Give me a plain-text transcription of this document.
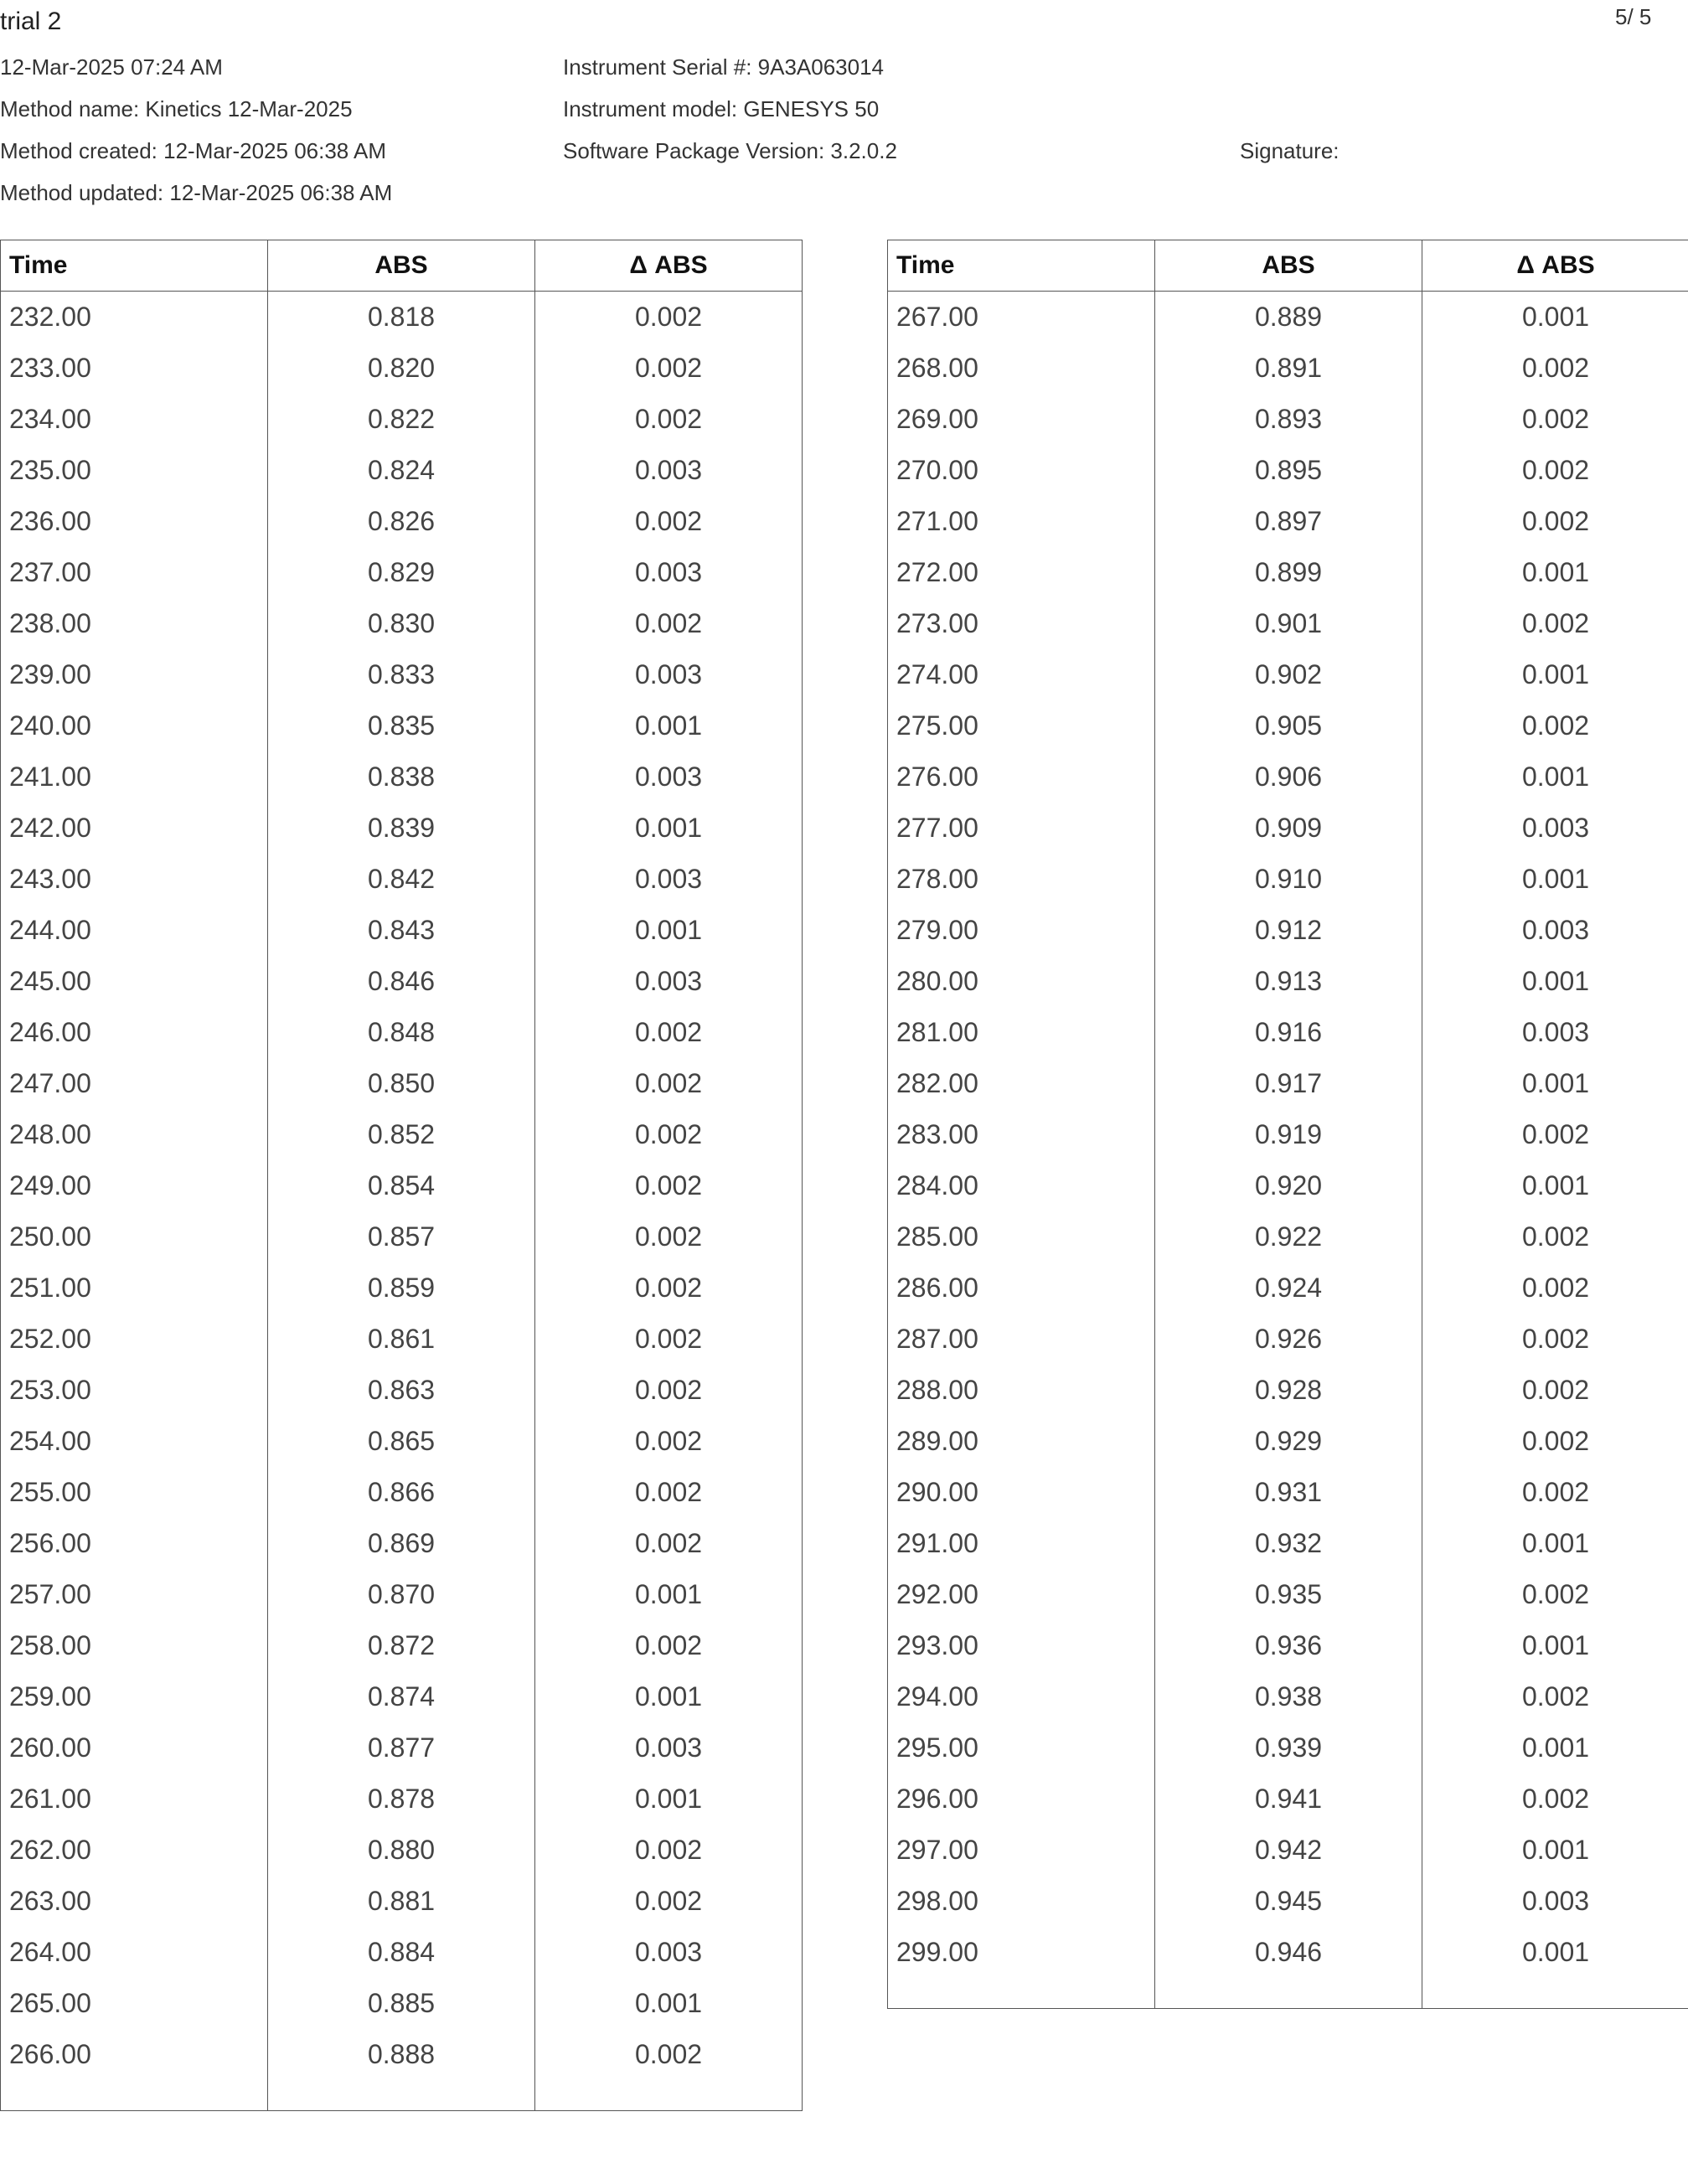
trial 2	5/ 5
12-Mar-2025 07:24 AM
Method name: Kinetics 12-Mar-2025
Method created: 12-Mar-2025 06:38 AM
Method updated: 12-Mar-2025 06:38 AM
Instrument Serial #: 9A3A063014
Instrument model: GENESYS 50
Software Package Version: 3.2.0.2	Signature:
Time	ABS	Δ ABS
232.00	0.818	0.002
233.00	0.820	0.002
234.00	0.822	0.002
235.00	0.824	0.003
236.00	0.826	0.002
237.00	0.829	0.003
238.00	0.830	0.002
239.00	0.833	0.003
240.00	0.835	0.001
241.00	0.838	0.003
242.00	0.839	0.001
243.00	0.842	0.003
244.00	0.843	0.001
245.00	0.846	0.003
246.00	0.848	0.002
247.00	0.850	0.002
248.00	0.852	0.002
249.00	0.854	0.002
250.00	0.857	0.002
251.00	0.859	0.002
252.00	0.861	0.002
253.00	0.863	0.002
254.00	0.865	0.002
255.00	0.866	0.002
256.00	0.869	0.002
257.00	0.870	0.001
258.00	0.872	0.002
259.00	0.874	0.001
260.00	0.877	0.003
261.00	0.878	0.001
262.00	0.880	0.002
263.00	0.881	0.002
264.00	0.884	0.003
265.00	0.885	0.001
266.00	0.888	0.002

Time	ABS	Δ ABS
267.00	0.889	0.001
268.00	0.891	0.002
269.00	0.893	0.002
270.00	0.895	0.002
271.00	0.897	0.002
272.00	0.899	0.001
273.00	0.901	0.002
274.00	0.902	0.001
275.00	0.905	0.002
276.00	0.906	0.001
277.00	0.909	0.003
278.00	0.910	0.001
279.00	0.912	0.003
280.00	0.913	0.001
281.00	0.916	0.003
282.00	0.917	0.001
283.00	0.919	0.002
284.00	0.920	0.001
285.00	0.922	0.002
286.00	0.924	0.002
287.00	0.926	0.002
288.00	0.928	0.002
289.00	0.929	0.002
290.00	0.931	0.002
291.00	0.932	0.001
292.00	0.935	0.002
293.00	0.936	0.001
294.00	0.938	0.002
295.00	0.939	0.001
296.00	0.941	0.002
297.00	0.942	0.001
298.00	0.945	0.003
299.00	0.946	0.001
